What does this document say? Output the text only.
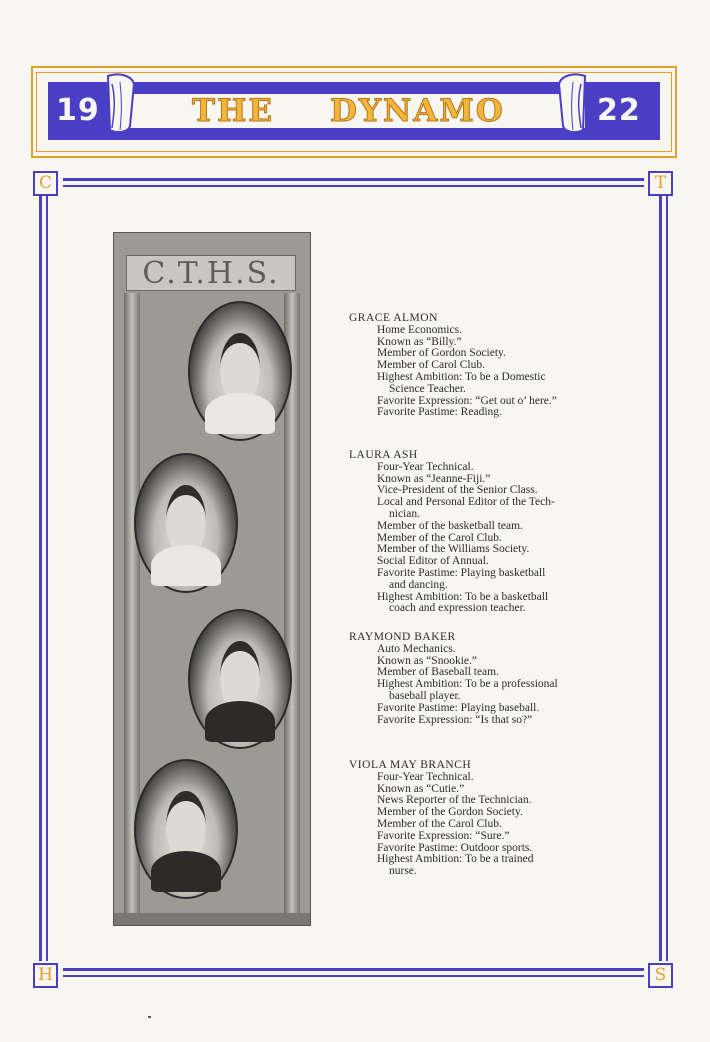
19	22
THE DYNAMO
C	T
H	S
C.T.H.S.
GRACE ALMON
Home Economics.
Known as “Billy.”
Member of Gordon Society.
Member of Carol Club.
Highest Ambition: To be a Domestic
Science Teacher.
Favorite Expression: “Get out o’ here.”
Favorite Pastime: Reading.
LAURA ASH
Four-Year Technical.
Known as “Jeanne-Fiji.”
Vice-President of the Senior Class.
Local and Personal Editor of the Tech-
nician.
Member of the basketball team.
Member of the Carol Club.
Member of the Williams Society.
Social Editor of Annual.
Favorite Pastime: Playing basketball
and dancing.
Highest Ambition: To be a basketball
coach and expression teacher.
RAYMOND BAKER
Auto Mechanics.
Known as “Snookie.”
Member of Baseball team.
Highest Ambition: To be a professional
baseball player.
Favorite Pastime: Playing baseball.
Favorite Expression: “Is that so?”
VIOLA MAY BRANCH
Four-Year Technical.
Known as “Cutie.”
News Reporter of the Technician.
Member of the Gordon Society.
Member of the Carol Club.
Favorite Expression: “Sure.”
Favorite Pastime: Outdoor sports.
Highest Ambition: To be a trained
nurse.
